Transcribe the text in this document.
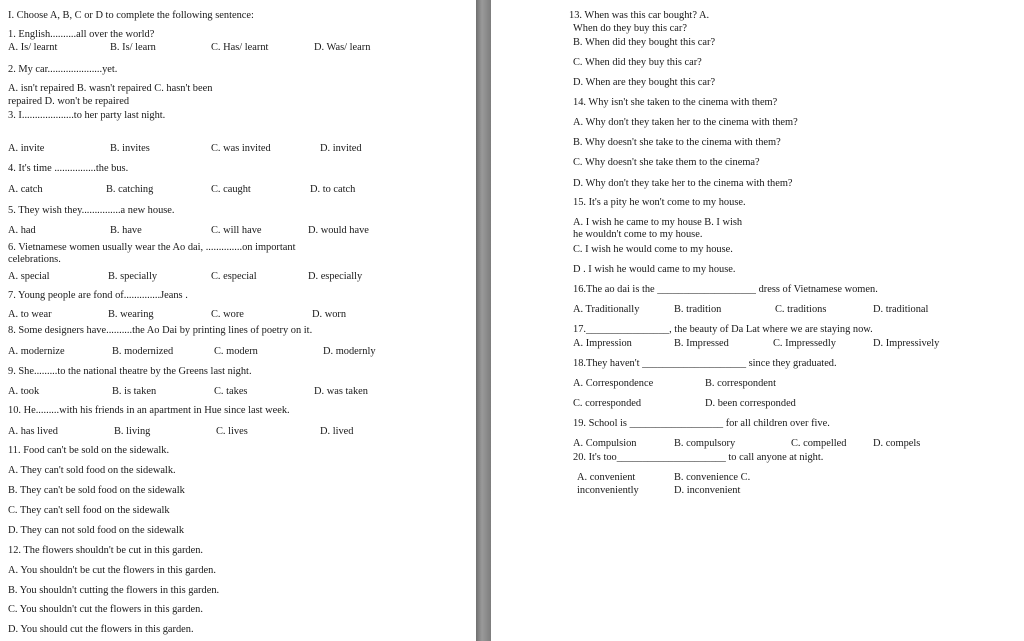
I. Choose A, B, C or D to complete the following sentence:
1. English..........all over the world?
A. Is/ learnt	B. Is/ learn	C. Has/ learnt	D. Was/ learn
2. My car.....................yet.
A. isn't repaired B. wasn't repaired C. hasn't been
repaired D. won't be repaired
3. I....................to her party last night.
A. invite	B. invites	C. was invited	D. invited
4. It's time ................the bus.
A. catch	B. catching	C. caught	D. to catch
5. They wish they...............a new house.
A. had	B. have	C. will have	D. would have
6. Vietnamese women usually wear the Ao dai, ..............on important
celebrations.
A. special	B. specially	C. especial	D. especially
7. Young people are fond of..............Jeans .
A. to wear	B. wearing	C. wore	D. worn
8. Some designers have..........the Ao Dai by printing lines of poetry on it.
A. modernize	B. modernized	C. modern	D. modernly
9. She.........to the national theatre by the Greens last night.
A. took	B. is taken	C. takes	D. was taken
10. He.........with his friends in an apartment in Hue since last week.
A. has lived	B. living	C. lives	D. lived
11. Food can't be sold on the sidewalk.
A. They can't sold food on the sidewalk.
B. They can't be sold food on the sidewalk
C. They can't sell food on the sidewalk
D. They can not sold food on the sidewalk
12. The flowers shouldn't be cut in this garden.
A. You shouldn't be cut the flowers in this garden.
B. You shouldn't cutting the flowers in this garden.
C. You shouldn't cut the flowers in this garden.
D. You should cut the flowers in this garden.
13. When was this car bought? A.
When do they buy this car?
B. When did they bought this car?
C. When did they buy this car?
D. When are they bought this car?
14. Why isn't she taken to the cinema with them?
A. Why don't they taken her to the cinema with them?
B. Why doesn't she take to the cinema with them?
C. Why doesn't she take them to the cinema?
D. Why don't they take her to the cinema with them?
15. It's a pity he won't come to my house.
A. I wish he came to my house B. I wish
he wouldn't come to my house.
C. I wish he would come to my house.
D . I wish he would came to my house.
16.The ao dai is the ___________________ dress of Vietnamese women.
A. Traditionally	B. tradition	C. traditions	D. traditional
17.________________, the beauty of Da Lat where we are staying now.
A. Impression	B. Impressed	C. Impressedly	D. Impressively
18.They haven't ____________________ since they graduated.
A. Correspondence	B. correspondent
C. corresponded	D. been corresponded
19. School is __________________ for all children over five.
A. Compulsion	B. compulsory	C. compelled	D. compels
20. It's too_____________________ to call anyone at night.
A. convenient	B. convenience C.
inconveniently	D. inconvenient
